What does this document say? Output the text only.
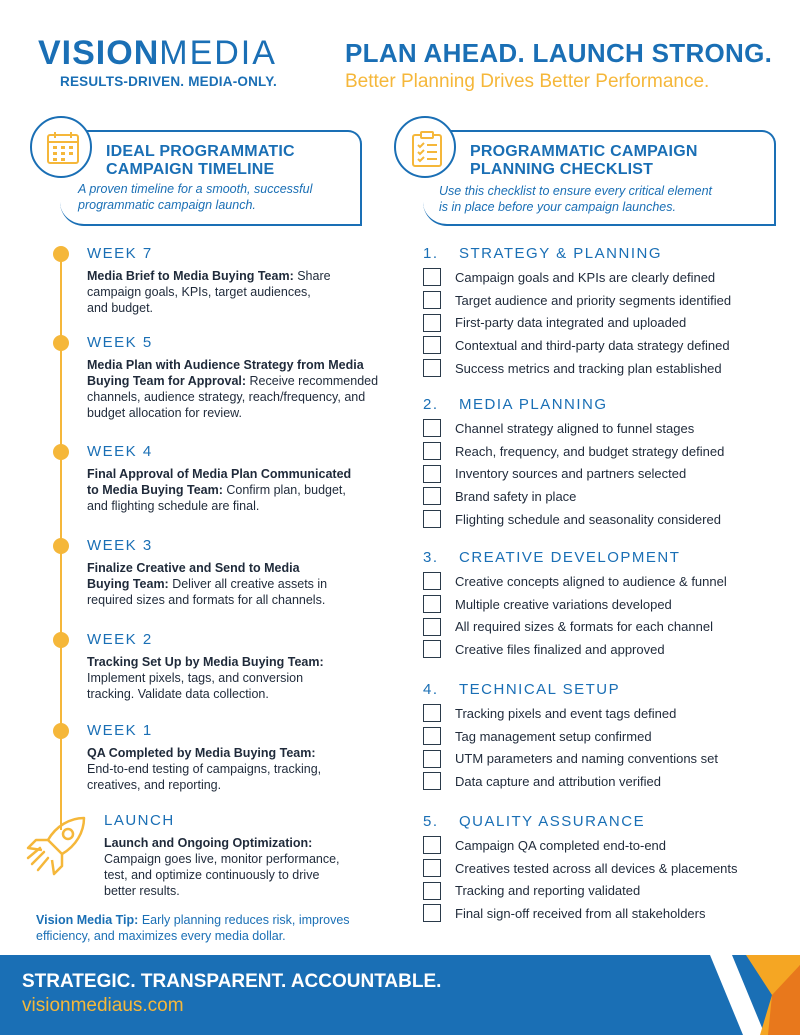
VISIONMEDIA
RESULTS-DRIVEN. MEDIA-ONLY.
PLAN AHEAD. LAUNCH STRONG.
Better Planning Drives Better Performance.
IDEAL PROGRAMMATIC
CAMPAIGN TIMELINE
A proven timeline for a smooth, successful
programmatic campaign launch.
PROGRAMMATIC CAMPAIGN
PLANNING CHECKLIST
Use this checklist to ensure every critical element
is in place before your campaign launches.
WEEK 7
Media Brief to Media Buying Team: Share
campaign goals, KPIs, target audiences,
and budget.
WEEK 5
Media Plan with Audience Strategy from Media
Buying Team for Approval: Receive recommended
channels, audience strategy, reach/frequency, and
budget allocation for review.
WEEK 4
Final Approval of Media Plan Communicated
to Media Buying Team: Confirm plan, budget,
and flighting schedule are final.
WEEK 3
Finalize Creative and Send to Media
Buying Team: Deliver all creative assets in
required sizes and formats for all channels.
WEEK 2
Tracking Set Up by Media Buying Team:
Implement pixels, tags, and conversion
tracking. Validate data collection.
WEEK 1
QA Completed by Media Buying Team:
End-to-end testing of campaigns, tracking,
creatives, and reporting.
LAUNCH
Launch and Ongoing Optimization:
Campaign goes live, monitor performance,
test, and optimize continuously to drive
better results.
Vision Media Tip: Early planning reduces risk, improves
efficiency, and maximizes every media dollar.
1. STRATEGY & PLANNING
Campaign goals and KPIs are clearly defined
Target audience and priority segments identified
First-party data integrated and uploaded
Contextual and third-party data strategy defined
Success metrics and tracking plan established
2. MEDIA PLANNING
Channel strategy aligned to funnel stages
Reach, frequency, and budget strategy defined
Inventory sources and partners selected
Brand safety in place
Flighting schedule and seasonality considered
3. CREATIVE DEVELOPMENT
Creative concepts aligned to audience & funnel
Multiple creative variations developed
All required sizes & formats for each channel
Creative files finalized and approved
4. TECHNICAL SETUP
Tracking pixels and event tags defined
Tag management setup confirmed
UTM parameters and naming conventions set
Data capture and attribution verified
5. QUALITY ASSURANCE
Campaign QA completed end-to-end
Creatives tested across all devices & placements
Tracking and reporting validated
Final sign-off received from all stakeholders
STRATEGIC. TRANSPARENT. ACCOUNTABLE.
visionmediaus.com
